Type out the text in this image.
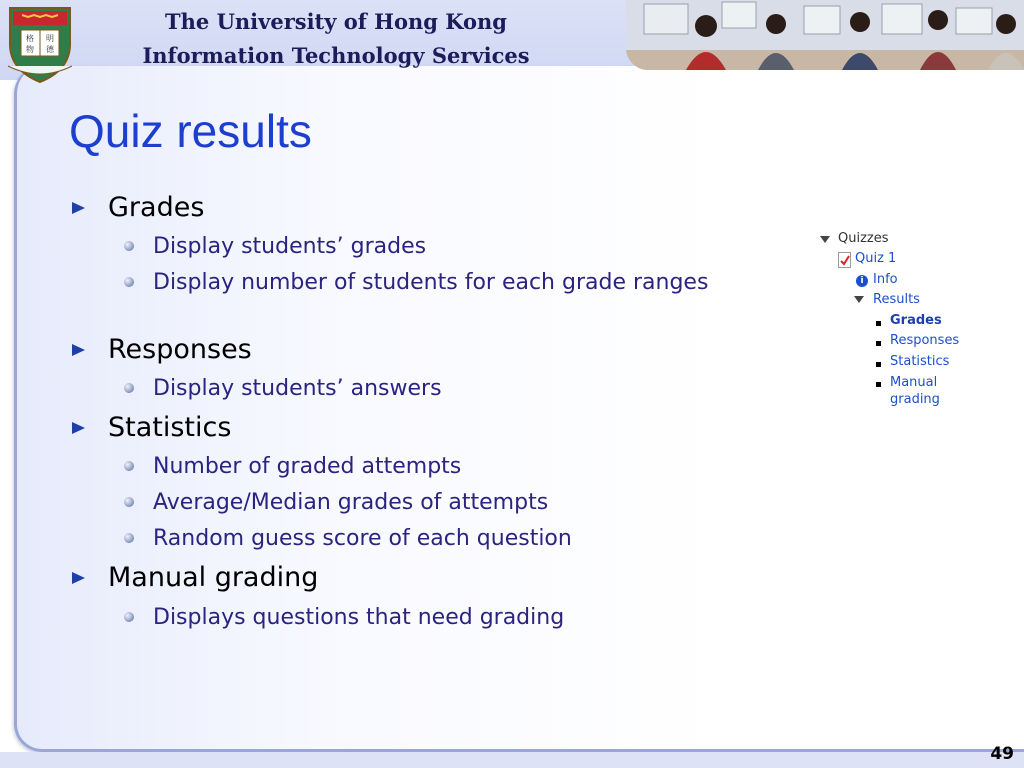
格 明
物 德
The University of Hong Kong
Information Technology Services
Quiz results
Grades
Display students’ grades
Display number of students for each grade ranges
Responses
Display students’ answers
Statistics
Number of graded attempts
Average/Median grades of attempts
Random guess score of each question
Manual grading
Displays questions that need grading
Quizzes
Quiz 1
i Info
Results
Grades
Responses
Statistics
Manual grading
49
